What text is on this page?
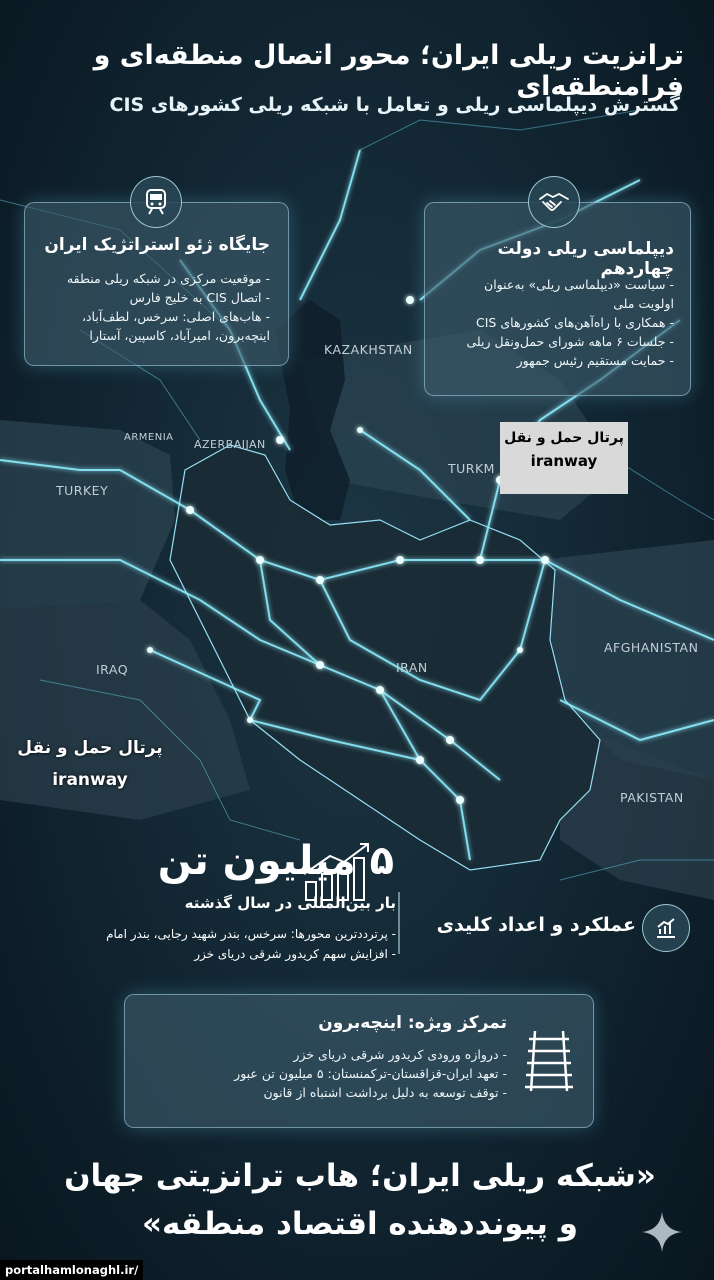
ترانزیت ریلی ایران؛ محور اتصال منطقه‌ای و فرامنطقه‌ای
گسترش دیپلماسی ریلی و تعامل با شبکه ریلی کشورهای CIS
جایگاه ژئو استراتژیک ایران
- موقعیت مرکزی در شبکه ریلی منطقه
- اتصال CIS به خلیج فارس
- هاب‌های اصلی: سرخس، لطف‌آباد،
اینچه‌برون، امیرآباد، کاسپین، آستارا
دیپلماسی ریلی دولت چهاردهم
- سیاست «دیپلماسی ریلی» به‌عنوان
اولویت ملی
- همکاری با راه‌آهن‌های کشورهای CIS
- جلسات ۶ ماهه شورای حمل‌ونقل ریلی
- حمایت مستقیم رئیس جمهور
KAZAKHSTAN
ARMENIA
AZERBAIJAN
TURKEY
TURKM
IRAQ	IRAN
AFGHANISTAN
PAKISTAN
پرتال حمل و نقل
iranway
پرتال حمل و نقل
iranway
۵ میلیون تن
بار بین‌المللی در سال گذشته
- پرترددترین محورها: سرخس، بندر شهید رجایی، بندر امام
- افزایش سهم کریدور شرقی دریای خزر
عملکرد و اعداد کلیدی
تمرکز ویژه: اینچه‌برون
- دروازه ورودی کریدور شرقی دریای خزر
- تعهد ایران-قزاقستان-ترکمنستان: ۵ میلیون تن عبور
- توقف توسعه به دلیل برداشت اشتباه از قانون
«شبکه ریلی ایران؛ هاب ترانزیتی جهان
و پیونددهنده اقتصاد منطقه»
portalhamlonaghl.ir/
